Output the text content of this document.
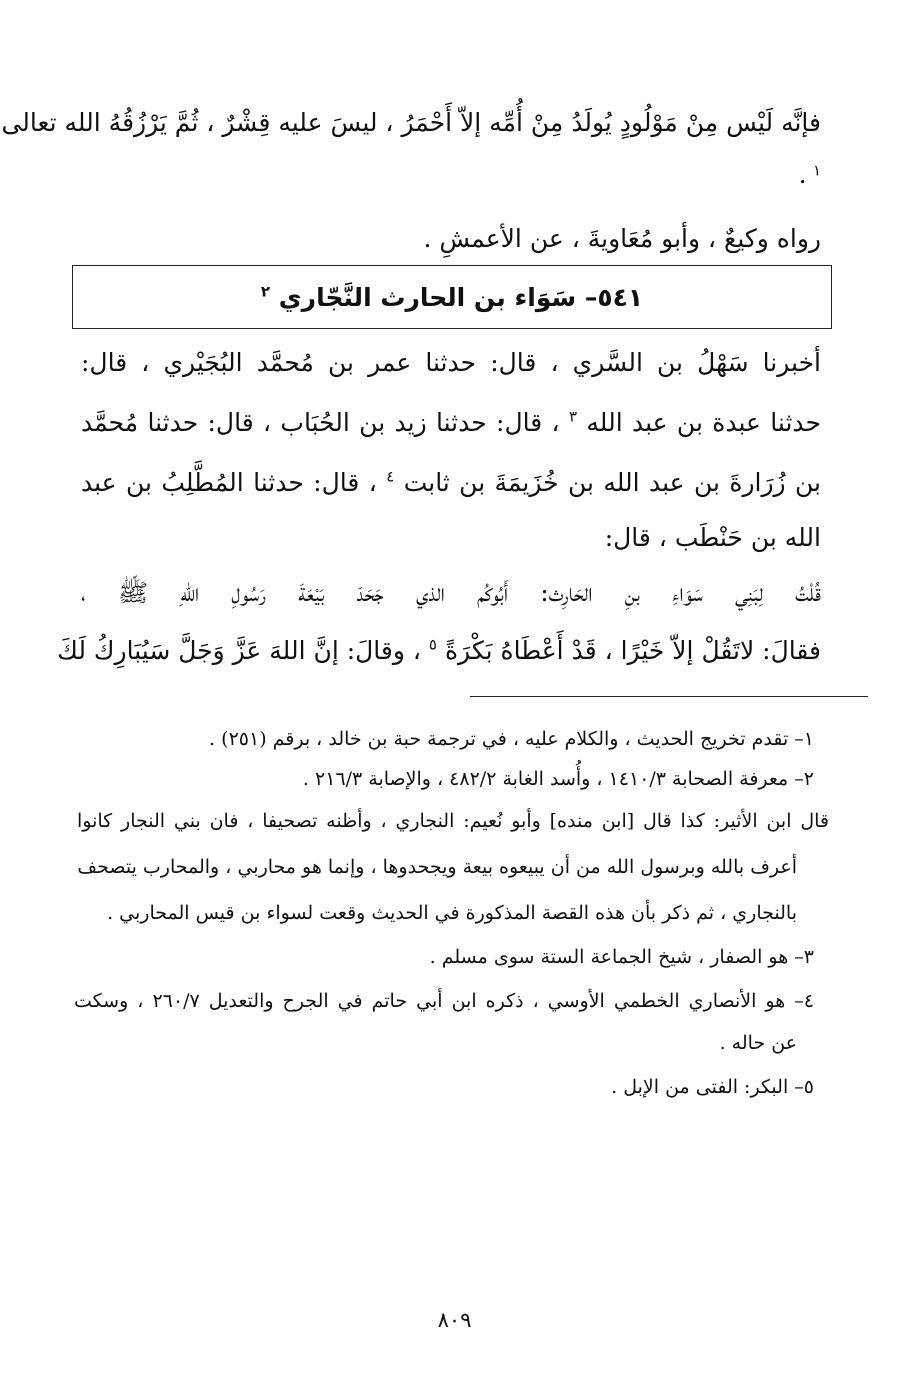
فإنَّه لَيْس مِنْ مَوْلُودٍ يُولَدُ مِنْ أُمِّه إلاّ أَحْمَرُ ، ليسَ عليه قِشْرٌ ، ثُمَّ يَرْزُقُهُ الله تعالى
$^١$ .
رواه وكيعٌ ، وأبو مُعَاويةَ ، عن الأعمشِ .
٥٤١– سَوَاء بن الحارث النَّجّاري $^٢$
أخبرنا سَهْلُ بن السَّري ، قال: حدثنا عمر بن مُحمَّد البُجَيْري ، قال:
حدثنا عبدة بن عبد الله $^٣$ ، قال: حدثنا زيد بن الحُبَاب ، قال: حدثنا مُحمَّد
بن زُرَارةَ بن عبد الله بن خُزَيمَةَ بن ثابت $^٤$ ، قال: حدثنا المُطَّلِبُ بن عبد
الله بن حَنْطَب ، قال:
قُلْتُ لِبَنِي سَوَاءِ بنِ الحَارِث: أَبُوكُم الذي جَحَدَ بَيْعَةَ رَسُولِ اللهِ ﷺ ،
فقالَ: لاتَقُلْ إلاّ خَيْرًا ، قَدْ أَعْطَاهُ بَكْرَةً $^٥$ ، وقالَ: إنَّ اللهَ عَزَّ وَجَلَّ سَيُبَارِكُ لَكَ
١– تقدم تخريج الحديث ، والكلام عليه ، في ترجمة حبة بن خالد ، برقم (٢٥١) .
٢– معرفة الصحابة ١٤١٠/٣ ، وأُسد الغابة ٤٨٢/٢ ، والإصابة ٢١٦/٣ .
قال ابن الأثير: كذا قال [ابن منده] وأبو نُعيم: النجاري ، وأظنه تصحيفا ، فان بني النجار كانوا
أعرف بالله وبرسول الله من أن يبيعوه بيعة ويجحدوها ، وإنما هو محاربي ، والمحارب يتصحف
بالنجاري ، ثم ذكر بأن هذه القصة المذكورة في الحديث وقعت لسواء بن قيس المحاربي .
٣– هو الصفار ، شيخ الجماعة الستة سوى مسلم .
٤– هو الأنصاري الخطمي الأوسي ، ذكره ابن أبي حاتم في الجرح والتعديل ٢٦٠/٧ ، وسكت
عن حاله .
٥– البكر: الفتى من الإبل .
٨٠٩
